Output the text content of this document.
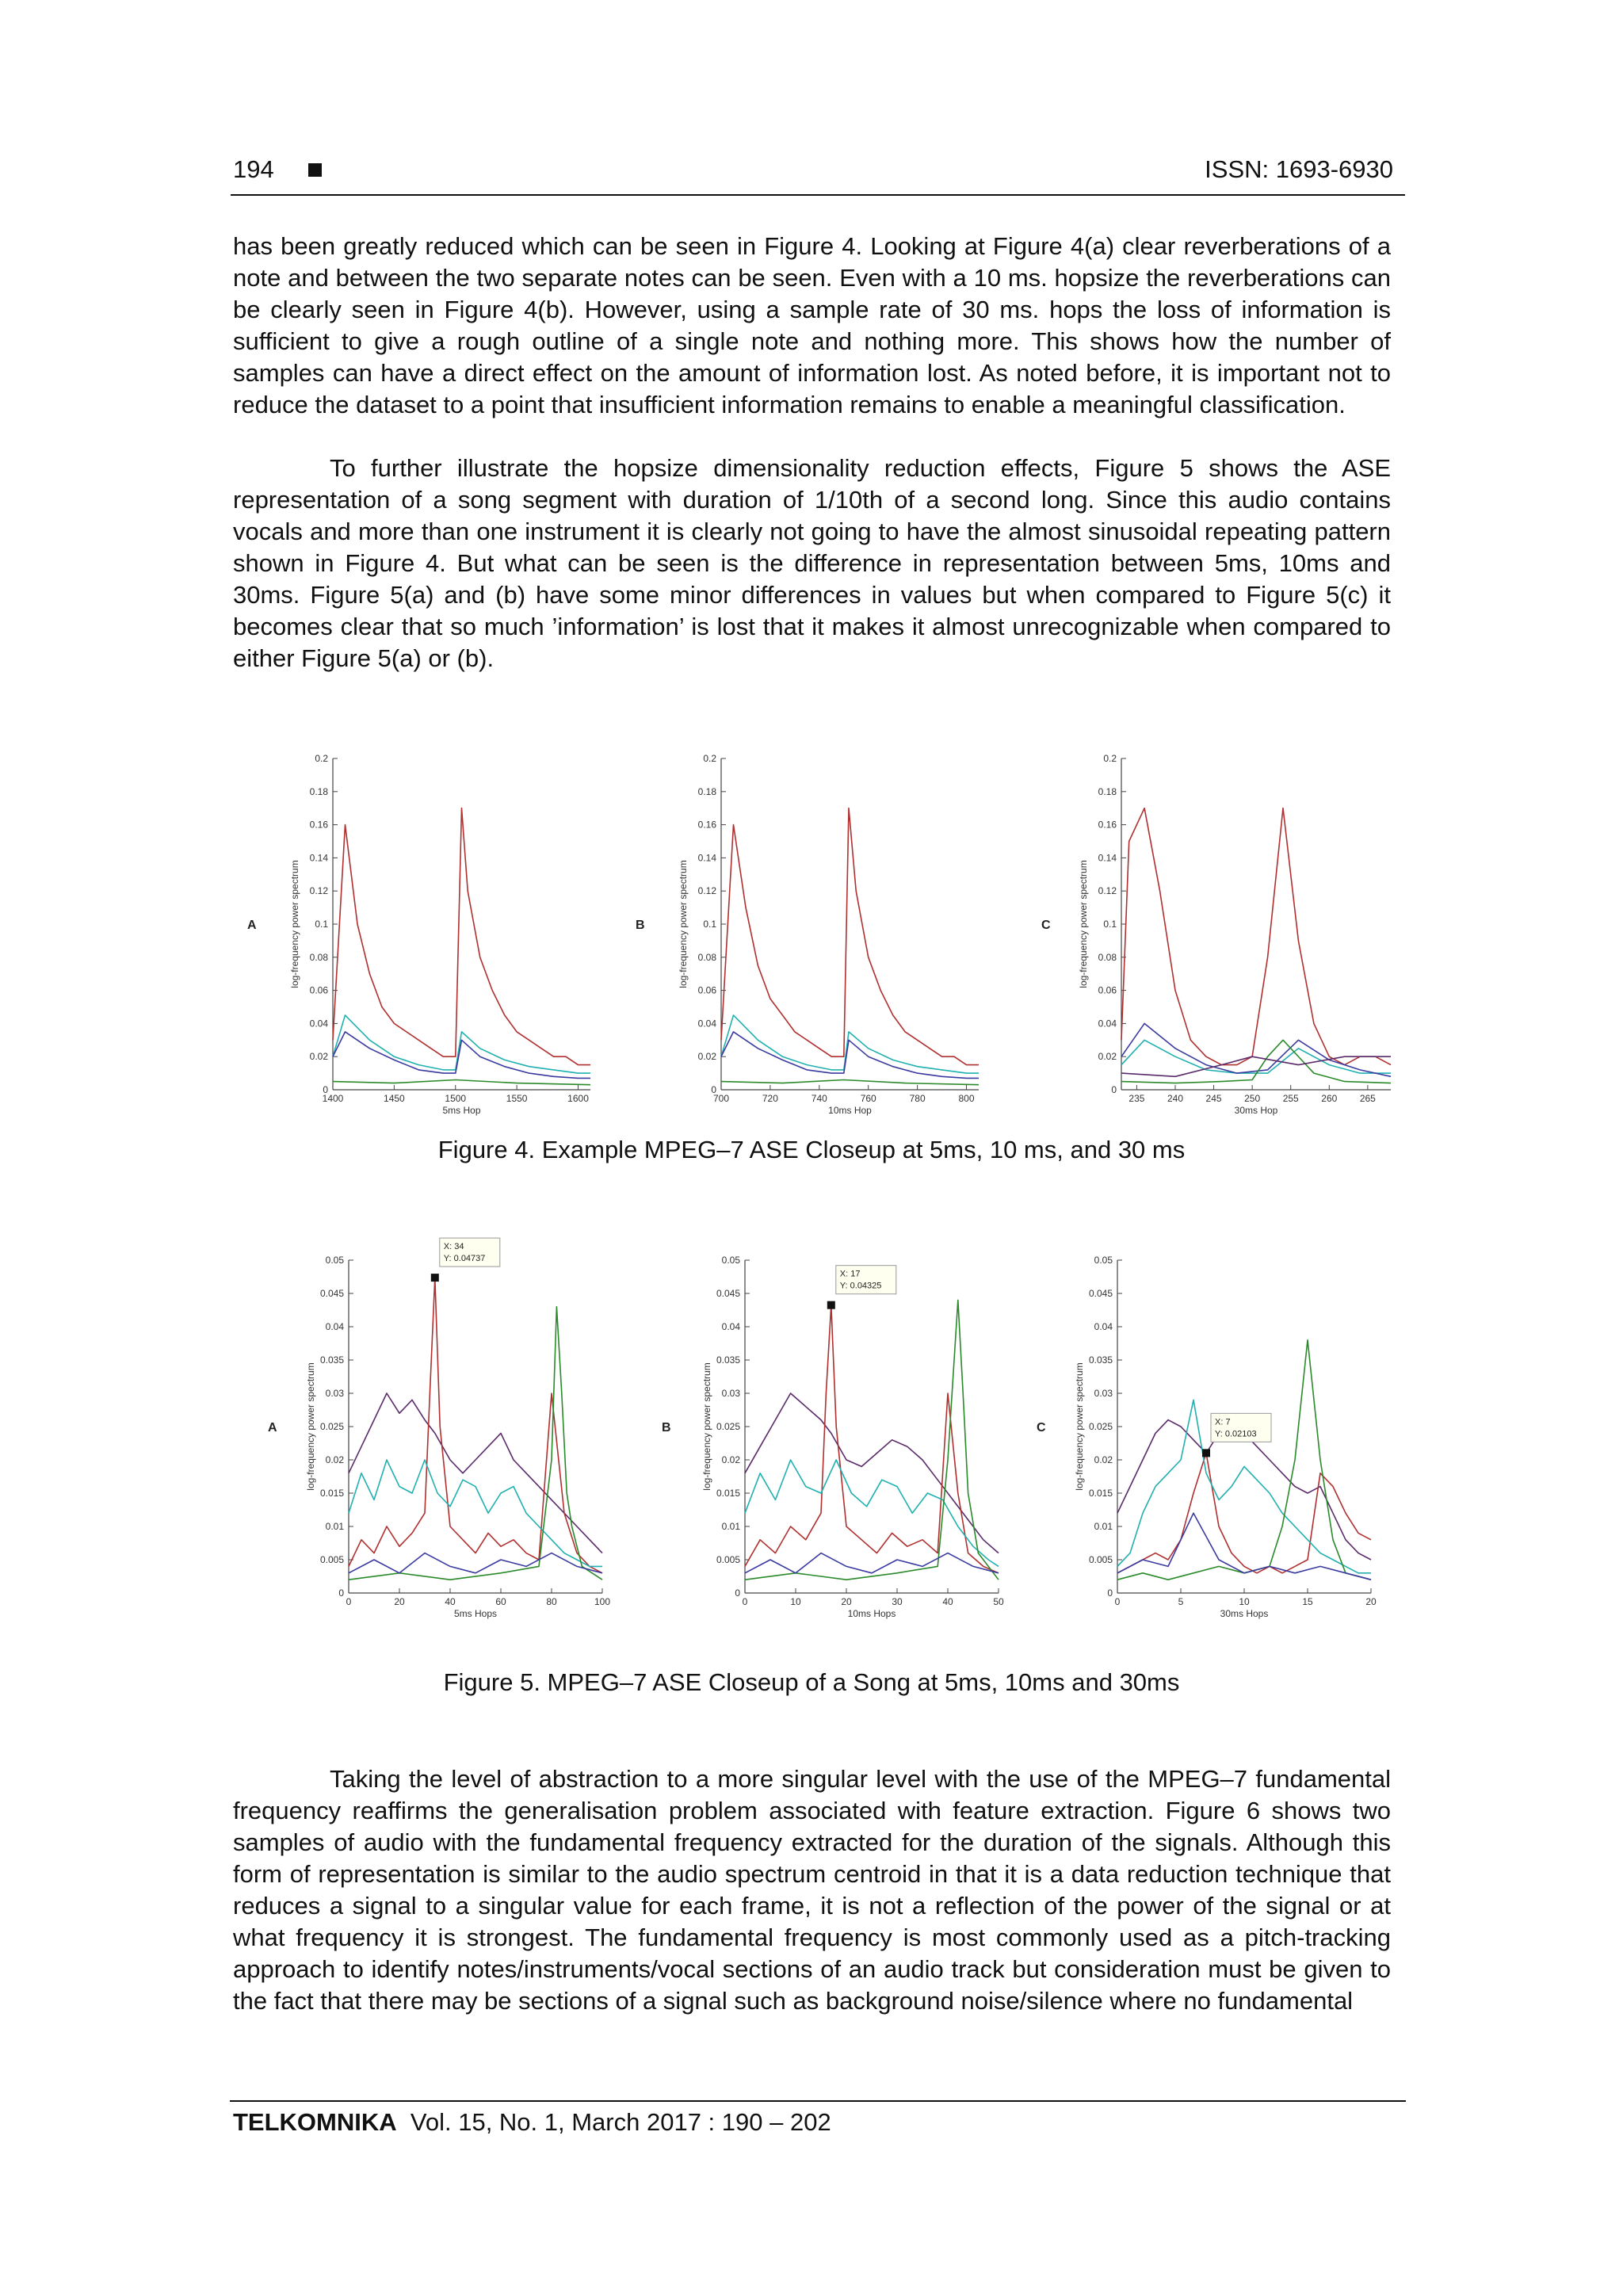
194	ISSN: 1693-6930

has been greatly reduced which can be seen in Figure 4. Looking at Figure 4(a) clear reverberations of a note and between the two separate notes can be seen. Even with a 10 ms. hopsize the reverberations can be clearly seen in Figure 4(b). However, using a sample rate of 30 ms. hops the loss of information is sufficient to give a rough outline of a single note and nothing more. This shows how the number of samples can have a direct effect on the amount of information lost. As noted before, it is important not to reduce the dataset to a point that insufficient information remains to enable a meaningful classification.

To further illustrate the hopsize dimensionality reduction effects, Figure 5 shows the ASE representation of a song segment with duration of 1/10th of a second long. Since this audio contains vocals and more than one instrument it is clearly not going to have the almost sinusoidal repeating pattern shown in Figure 4. But what can be seen is the difference in representation between 5ms, 10ms and 30ms. Figure 5(a) and (b) have some minor differences in values but when compared to Figure 5(c) it becomes clear that so much ’information’ is lost that it makes it almost unrecognizable when compared to either Figure 5(a) or (b).

0
0.02
0.04
0.06
0.08
0.1
0.12
0.14
0.16
0.18
0.2
1400	1450	1500	1550	1600
5ms Hop
log-frequency power spectrum
A
0
0.02
0.04
0.06
0.08
0.1
0.12
0.14
0.16
0.18
0.2
700	720	740	760	780	800
10ms Hop
log-frequency power spectrum
B
0
0.02
0.04
0.06
0.08
0.1
0.12
0.14
0.16
0.18
0.2
235 240 245 250 255 260 265
30ms Hop
log-frequency power spectrum
C
Figure 4. Example MPEG–7 ASE Closeup at 5ms, 10 ms, and 30 ms
0
0.005
0.01
0.015
0.02
0.025
0.03
0.035
0.04
0.045
0.05
0	20	40	60	80	100
5ms Hops
log-frequency power spectrum
A
X: 34
Y: 0.04737
0
0.005
0.01
0.015
0.02
0.025
0.03
0.035
0.04
0.045
0.05
0	10	20	30	40	50
10ms Hops
log-frequency power spectrum
B
X: 17
Y: 0.04325
0
0.005
0.01
0.015
0.02
0.025
0.03
0.035
0.04
0.045
0.05
0	5	10	15	20
30ms Hops
log-frequency power spectrum
C	X: 7
Y: 0.02103
Figure 5. MPEG–7 ASE Closeup of a Song at 5ms, 10ms and 30ms

Taking the level of abstraction to a more singular level with the use of the MPEG–7 fundamental frequency reaffirms the generalisation problem associated with feature extraction. Figure 6 shows two samples of audio with the fundamental frequency extracted for the duration of the signals. Although this form of representation is similar to the audio spectrum centroid in that it is a data reduction technique that reduces a signal to a singular value for each frame, it is not a reflection of the power of the signal or at what frequency it is strongest. The fundamental frequency is most commonly used as a pitch-tracking approach to identify notes/instruments/vocal sections of an audio track but consideration must be given to the fact that there may be sections of a signal such as background noise/silence where no fundamental

TELKOMNIKA Vol. 15, No. 1, March 2017 : 190 – 202
